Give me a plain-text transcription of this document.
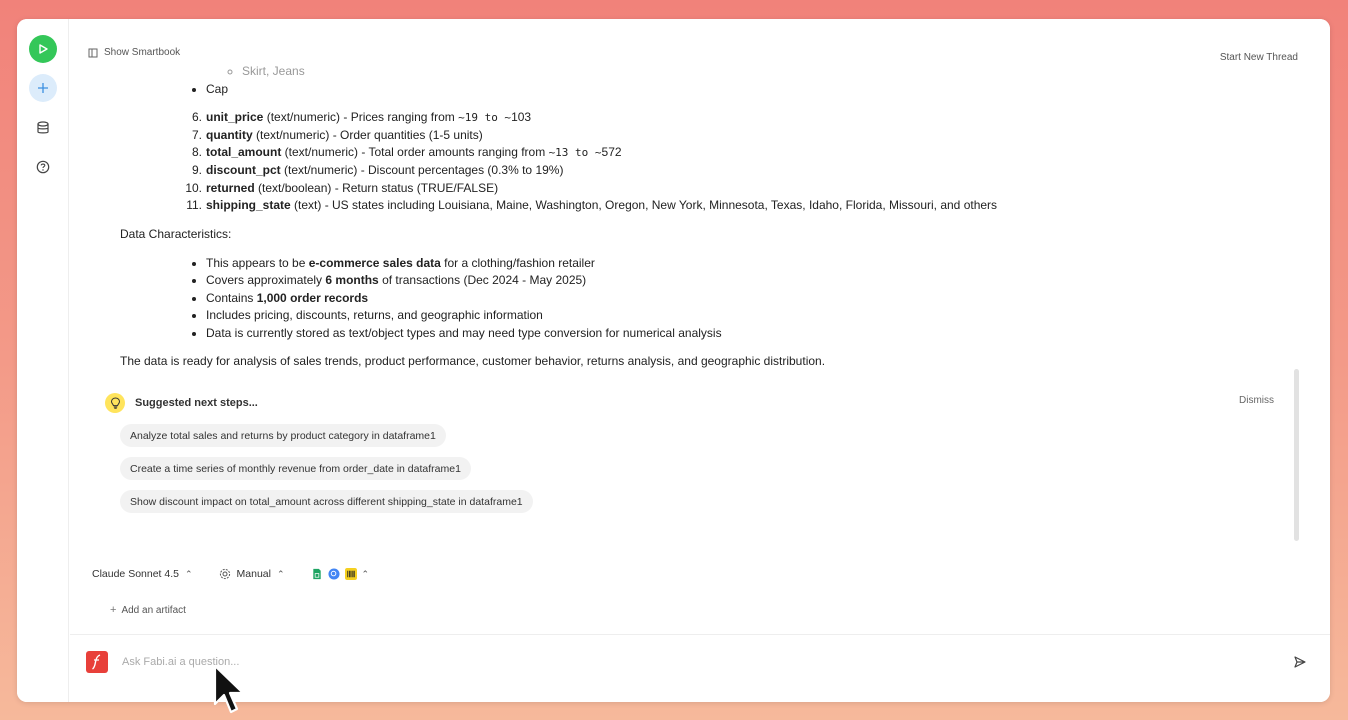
Show Smartbook	Start New Thread
◦ Skirt, Jeans
• Cap
6. unit_price (text/numeric) - Prices ranging from ~19 to ~103
7. quantity (text/numeric) - Order quantities (1-5 units)
8. total_amount (text/numeric) - Total order amounts ranging from ~13 to ~572
9. discount_pct (text/numeric) - Discount percentages (0.3% to 19%)
10. returned (text/boolean) - Return status (TRUE/FALSE)
11. shipping_state (text) - US states including Louisiana, Maine, Washington, Oregon, New York, Minnesota, Texas, Idaho, Florida, Missouri, and others
Data Characteristics:
• This appears to be e-commerce sales data for a clothing/fashion retailer
• Covers approximately 6 months of transactions (Dec 2024 - May 2025)
• Contains 1,000 order records
• Includes pricing, discounts, returns, and geographic information
• Data is currently stored as text/object types and may need type conversion for numerical analysis
The data is ready for analysis of sales trends, product performance, customer behavior, returns analysis, and geographic distribution.
Suggested next steps...	Dismiss
Analyze total sales and returns by product category in dataframe1
Create a time series of monthly revenue from order_date in dataframe1
Show discount impact on total_amount across different shipping_state in dataframe1
Claude Sonnet 4.5 ⌃	Manual ⌃	⌃
+ Add an artifact
Ask Fabi.ai a question...
